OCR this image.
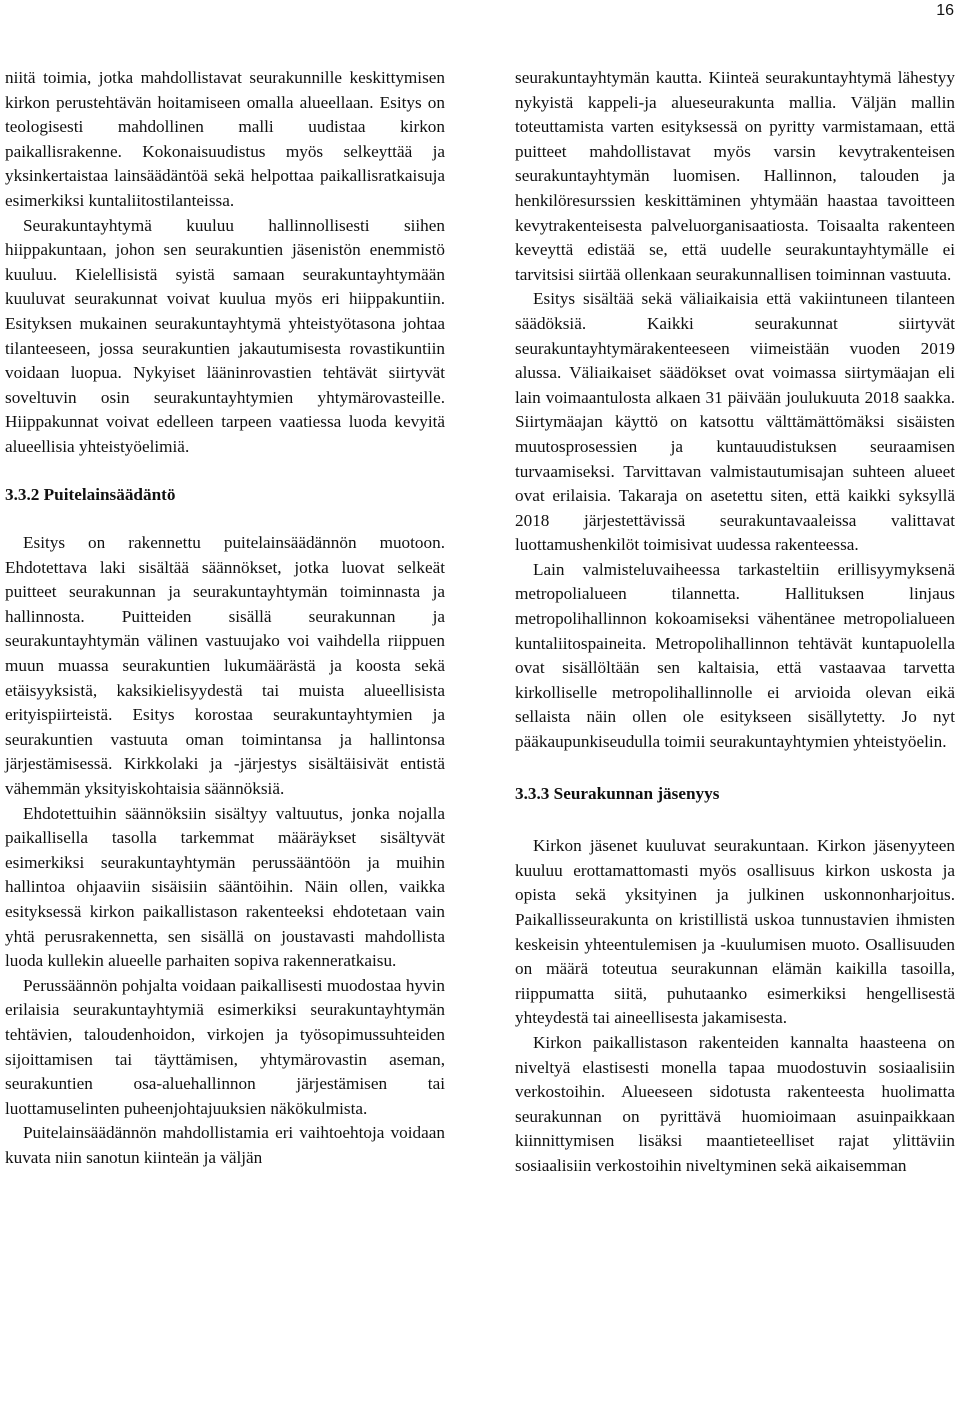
16

niitä toimia, jotka mahdollistavat seurakunnille keskittymisen kirkon perustehtävän hoitamiseen omalla alueellaan. Esitys on teologisesti mahdollinen malli uudistaa kirkon paikallisrakenne. Kokonaisuudistus myös selkeyttää ja yksinkertaistaa lainsäädäntöä sekä helpottaa paikallisratkaisuja esimerkiksi kuntaliitostilanteissa.

Seurakuntayhtymä kuuluu hallinnollisesti siihen hiippakuntaan, johon sen seurakuntien jäsenistön enemmistö kuuluu. Kielellisistä syistä samaan seurakuntayhtymään kuuluvat seurakunnat voivat kuulua myös eri hiippakuntiin. Esityksen mukainen seurakuntayhtymä yhteistyötasona johtaa tilanteeseen, jossa seurakuntien jakautumisesta rovastikuntiin voidaan luopua. Nykyiset lääninrovastien tehtävät siirtyvät soveltuvin osin seurakuntayhtymien yhtymärovasteille. Hiippakunnat voivat edelleen tarpeen vaatiessa luoda kevyitä alueellisia yhteistyöelimiä.

3.3.2 Puitelainsäädäntö

Esitys on rakennettu puitelainsäädännön muotoon. Ehdotettava laki sisältää säännökset, jotka luovat selkeät puitteet seurakunnan ja seurakuntayhtymän toiminnasta ja hallinnosta. Puitteiden sisällä seurakunnan ja seurakuntayhtymän välinen vastuujako voi vaihdella riippuen muun muassa seurakuntien lukumäärästä ja koosta sekä etäisyyksistä, kaksikielisyydestä tai muista alueellisista erityispiirteistä. Esitys korostaa seurakuntayhtymien ja seurakuntien vastuuta oman toimintansa ja hallintonsa järjestämisessä. Kirkkolaki ja -järjestys sisältäisivät entistä vähemmän yksityiskohtaisia säännöksiä.

Ehdotettuihin säännöksiin sisältyy valtuutus, jonka nojalla paikallisella tasolla tarkemmat määräykset sisältyvät esimerkiksi seurakuntayhtymän perussääntöön ja muihin hallintoa ohjaaviin sisäisiin sääntöihin. Näin ollen, vaikka esityksessä kirkon paikallistason rakenteeksi ehdotetaan vain yhtä perusrakennetta, sen sisällä on joustavasti mahdollista luoda kullekin alueelle parhaiten sopiva rakenneratkaisu.

Perussäännön pohjalta voidaan paikallisesti muodostaa hyvin erilaisia seurakuntayhtymiä esimerkiksi seurakuntayhtymän tehtävien, taloudenhoidon, virkojen ja työsopimussuhteiden sijoittamisen tai täyttämisen, yhtymärovastin aseman, seurakuntien osa-aluehallinnon järjestämisen tai luottamuselinten puheenjohtajuuksien näkökulmista.

Puitelainsäädännön mahdollistamia eri vaihtoehtoja voidaan kuvata niin sanotun kiinteän ja väljän

seurakuntayhtymän kautta. Kiinteä seurakuntayhtymä lähestyy nykyistä kappeli-ja alueseurakunta mallia. Väljän mallin toteuttamista varten esityksessä on pyritty varmistamaan, että puitteet mahdollistavat myös varsin kevytrakenteisen seurakuntayhtymän luomisen. Hallinnon, talouden ja henkilöresurssien keskittäminen yhtymään haastaa tavoitteen kevytrakenteisesta palveluorganisaatiosta. Toisaalta rakenteen keveyttä edistää se, että uudelle seurakuntayhtymälle ei tarvitsisi siirtää ollenkaan seurakunnallisen toiminnan vastuuta.

Esitys sisältää sekä väliaikaisia että vakiintuneen tilanteen säädöksiä. Kaikki seurakunnat siirtyvät seurakuntayhtymärakenteeseen viimeistään vuoden 2019 alussa. Väliaikaiset säädökset ovat voimassa siirtymäajan eli lain voimaantulosta alkaen 31 päivään joulukuuta 2018 saakka. Siirtymäajan käyttö on katsottu välttämättömäksi sisäisten muutosprosessien ja kuntauudistuksen seuraamisen turvaamiseksi. Tarvittavan valmistautumisajan suhteen alueet ovat erilaisia. Takaraja on asetettu siten, että kaikki syksyllä 2018 järjestettävissä seurakuntavaaleissa valittavat luottamushenkilöt toimisivat uudessa rakenteessa.

Lain valmisteluvaiheessa tarkasteltiin erillisyymyksenä metropolialueen tilannetta. Hallituksen linjaus metropolihallinnon kokoamiseksi vähentäneе metropolialueen kuntaliitospaineita. Metropolihallinnon tehtävät kuntapuolella ovat sisällöltään sen kaltaisia, että vastaavaa tarvetta kirkolliselle metropolihallinnolle ei arvioida olevan eikä sellaista näin ollen ole esitykseen sisällytetty. Jo nyt pääkaupunkiseudulla toimii seurakuntayhtymien yhteistyöelin.

3.3.3 Seurakunnan jäsenyys

Kirkon jäsenet kuuluvat seurakuntaan. Kirkon jäsenyyteen kuuluu erottamattomasti myös osallisuus kirkon uskosta ja opista sekä yksityinen ja julkinen uskonnonharjoitus. Paikallisseurakunta on kristillistä uskoa tunnustavien ihmisten keskeisin yhteentulemisen ja -kuulumisen muoto. Osallisuuden on määrä toteutua seurakunnan elämän kaikilla tasoilla, riippumatta siitä, puhutaanko esimerkiksi hengellisestä yhteydestä tai aineellisesta jakamisesta.

Kirkon paikallistason rakenteiden kannalta haasteena on niveltyä elastisesti monella tapaa muodostuvin sosiaalisiin verkostoihin. Alueeseen sidotusta rakenteesta huolimatta seurakunnan on pyrittävä huomioimaan asuinpaikkaan kiinnittymisen lisäksi maantieteelliset rajat ylittäviin sosiaalisiin verkostoihin niveltyminen sekä aikaisemman
